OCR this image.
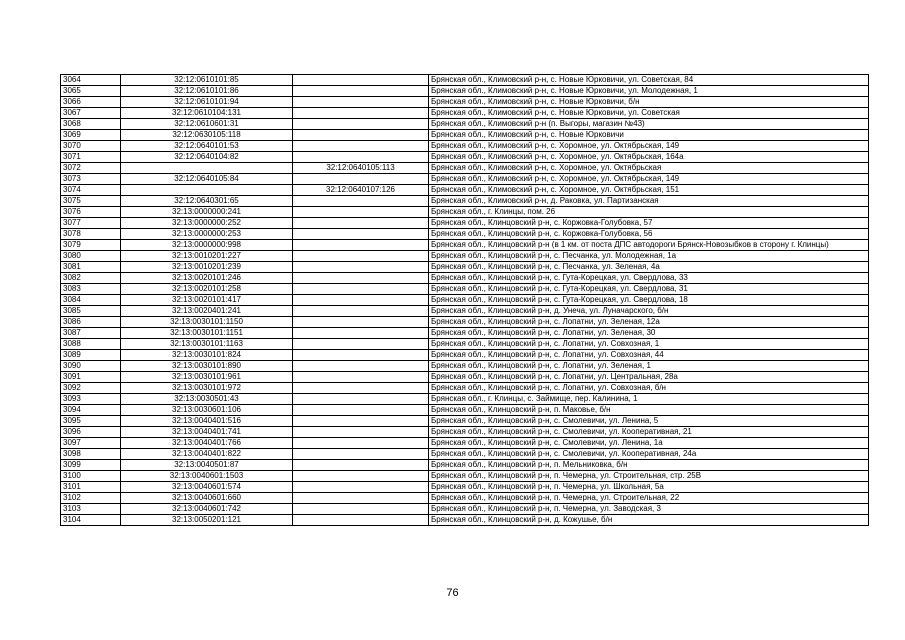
3064	32:12:0610101:85		Брянская обл., Климовский р-н, с. Новые Юрковичи, ул. Советская, 84
3065	32:12:0610101:86		Брянская обл., Климовский р-н, с. Новые Юрковичи, ул. Молодежная, 1
3066	32:12:0610101:94		Брянская обл., Климовский р-н, с. Новые Юрковичи, б/н
3067	32:12:0610104:131		Брянская обл., Климовский р-н, с. Новые Юрковичи, ул. Советская
3068	32:12:0610601:31		Брянская обл., Климовский р-н (п. Выгоры, магазин №43)
3069	32:12:0630105:118		Брянская обл., Климовский р-н, с. Новые Юрковичи
3070	32:12:0640101:53		Брянская обл., Климовский р-н, с. Хоромное, ул. Октябрьская, 149
3071	32:12:0640104:82		Брянская обл., Климовский р-н, с. Хоромное, ул. Октябрьская, 164а
3072		32:12:0640105:113	Брянская обл., Климовский р-н, с. Хоромное, ул. Октябрьская
3073	32:12:0640105:84		Брянская обл., Климовский р-н, с. Хоромное, ул. Октябрьская, 149
3074		32:12:0640107:126	Брянская обл., Климовский р-н, с. Хоромное, ул. Октябрьская, 151
3075	32:12:0640301:65		Брянская обл., Климовский р-н, д. Раковка, ул. Партизанская
3076	32:13:0000000:241		Брянская обл., г. Клинцы, пом. 26
3077	32:13:0000000:252		Брянская обл., Клинцовский р-н, с. Коржовка-Голубовка, 57
3078	32:13:0000000:253		Брянская обл., Клинцовский р-н, с. Коржовка-Голубовка, 56
3079	32:13:0000000:998		Брянская обл., Клинцовский р-н (в 1 км. от поста ДПС автодороги Брянск-Новозыбков в сторону г. Клинцы)
3080	32:13:0010201:227		Брянская обл., Клинцовский р-н, с. Песчанка, ул. Молодежная, 1а
3081	32:13:0010201:239		Брянская обл., Клинцовский р-н, с. Песчанка, ул. Зеленая, 4а
3082	32:13:0020101:246		Брянская обл., Клинцовский р-н, с. Гута-Корецкая, ул. Свердлова, 33
3083	32:13:0020101:258		Брянская обл., Клинцовский р-н, с. Гута-Корецкая, ул. Свердлова, 31
3084	32:13:0020101:417		Брянская обл., Клинцовский р-н, с. Гута-Корецкая, ул. Свердлова, 18
3085	32:13:0020401:241		Брянская обл., Клинцовский р-н, д. Унеча, ул. Луначарского, б/н
3086	32:13:0030101:1150		Брянская обл., Клинцовский р-н, с. Лопатни, ул. Зеленая, 12а
3087	32:13:0030101:1151		Брянская обл., Клинцовский р-н, с. Лопатни, ул. Зеленая, 30
3088	32:13:0030101:1163		Брянская обл., Клинцовский р-н, с. Лопатни, ул. Совхозная, 1
3089	32:13:0030101:824		Брянская обл., Клинцовский р-н, с. Лопатни, ул. Совхозная, 44
3090	32:13:0030101:890		Брянская обл., Клинцовский р-н, с. Лопатни, ул. Зеленая, 1
3091	32:13:0030101:961		Брянская обл., Клинцовский р-н, с. Лопатни, ул. Центральная, 28а
3092	32:13:0030101:972		Брянская обл., Клинцовский р-н, с. Лопатни, ул. Совхозная, б/н
3093	32:13:0030501:43		Брянская обл., г. Клинцы, с. Займище, пер. Калинина, 1
3094	32:13:0030601:106		Брянская обл., Клинцовский р-н, п. Маковье, б/н
3095	32:13:0040401:516		Брянская обл., Клинцовский р-н, с. Смолевичи, ул. Ленина, 5
3096	32:13:0040401:741		Брянская обл., Клинцовский р-н, с. Смолевичи, ул. Кооперативная, 21
3097	32:13:0040401:766		Брянская обл., Клинцовский р-н, с. Смолевичи, ул. Ленина, 1а
3098	32:13:0040401:822		Брянская обл., Клинцовский р-н, с. Смолевичи, ул. Кооперативная, 24а
3099	32:13:0040501:87		Брянская обл., Клинцовский р-н, п. Мельниковка, б/н
3100	32:13:0040601:1503		Брянская обл., Клинцовский р-н, п. Чемерна, ул. Строительная, стр. 25В
3101	32:13:0040601:574		Брянская обл., Клинцовский р-н, п. Чемерна, ул. Школьная, 5а
3102	32:13:0040601:660		Брянская обл., Клинцовский р-н, п. Чемерна, ул. Строительная, 22
3103	32:13:0040601:742		Брянская обл., Клинцовский р-н, п. Чемерна, ул. Заводская, 3
3104	32:13:0050201:121		Брянская обл., Клинцовский р-н, д. Кожушье, б/н
76
